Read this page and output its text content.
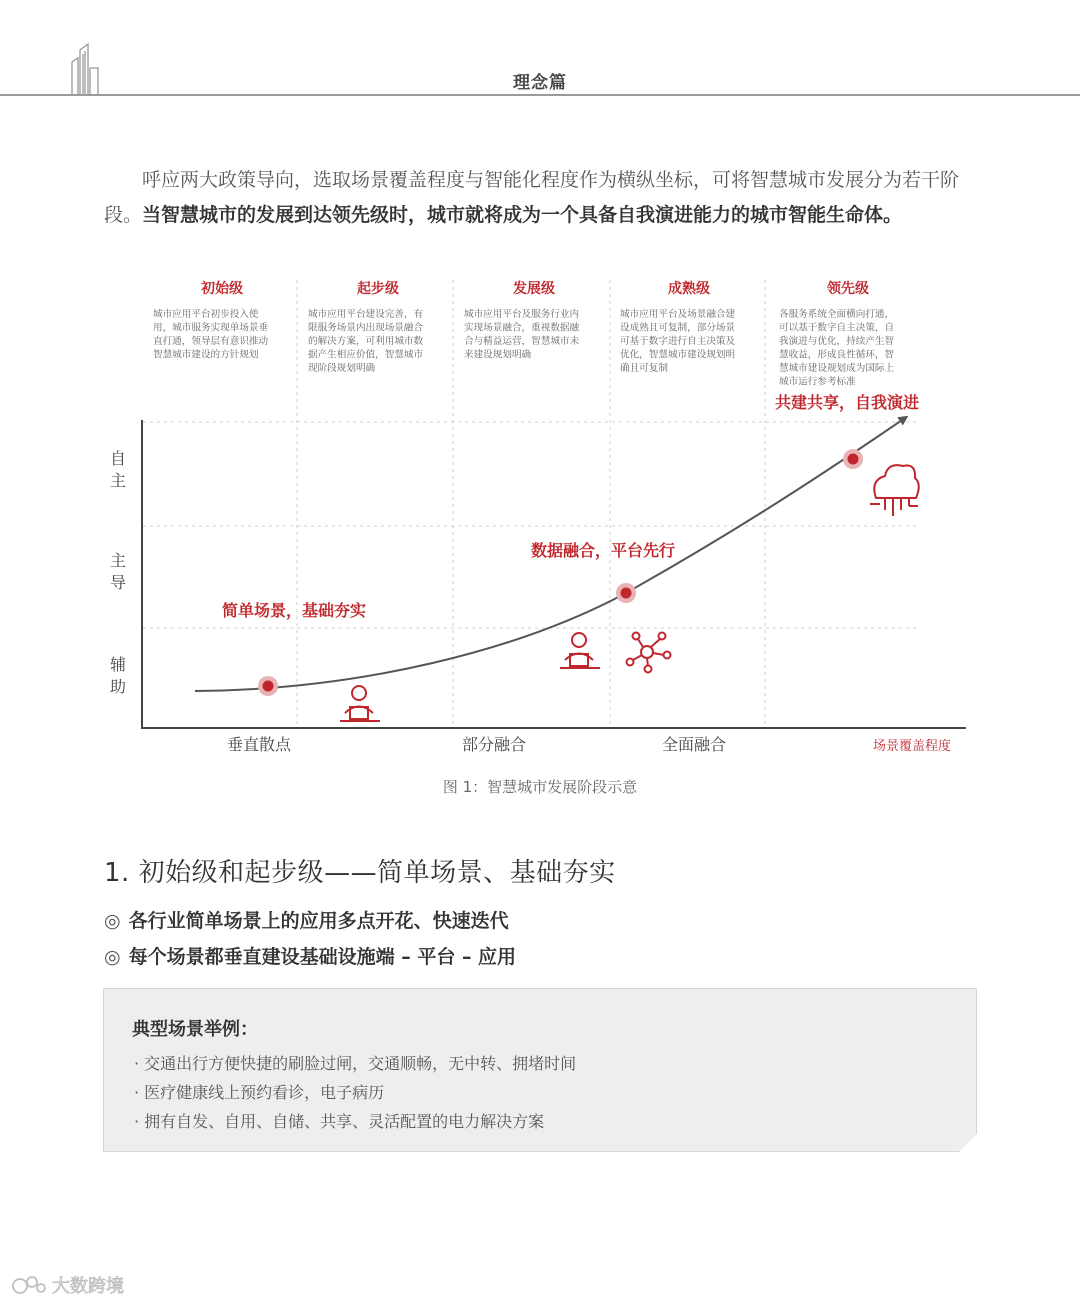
理念篇

呼应两大政策导向，选取场景覆盖程度与智能化程度作为横纵坐标，可将智慧城市发展分为若干阶段。当智慧城市的发展到达领先级时，城市就将成为一个具备自我演进能力的城市智能生命体。

初始级	起步级	发展级	成熟级	领先级
城市应用平台初步投入使 用，城市服务实现单场景垂 直打通，领导层有意识推动 智慧城市建设的方针规划
城市应用平台建设完善，有 限服务场景内出现场景融合 的解决方案，可利用城市数 据产生相应价值，智慧城市 现阶段规划明确
城市应用平台及服务行业内 实现场景融合，重视数据融 合与精益运营，智慧城市未 来建设规划明确
城市应用平台及场景融合建 设成熟且可复制，部分场景 可基于数字进行自主决策及 优化，智慧城市建设规划明 确且可复制
各服务系统全面横向打通， 可以基于数字自主决策，自 我演进与优化，持续产生智 慧收益，形成良性循环，智 慧城市建设规划成为国际上 城市运行参考标准
自主
主导
辅助
垂直散点	部分融合	全面融合	场景覆盖程度
简单场景，基础夯实
数据融合，平台先行
共建共享，自我演进
图 1：智慧城市发展阶段示意
1. 初始级和起步级——简单场景、基础夯实
◎ 各行业简单场景上的应用多点开花、快速迭代
◎ 每个场景都垂直建设基础设施端 – 平台 – 应用
典型场景举例：
· 交通出行方便快捷的刷脸过闸，交通顺畅，无中转、拥堵时间
· 医疗健康线上预约看诊，电子病历
· 拥有自发、自用、自储、共享、灵活配置的电力解决方案
大数跨境
